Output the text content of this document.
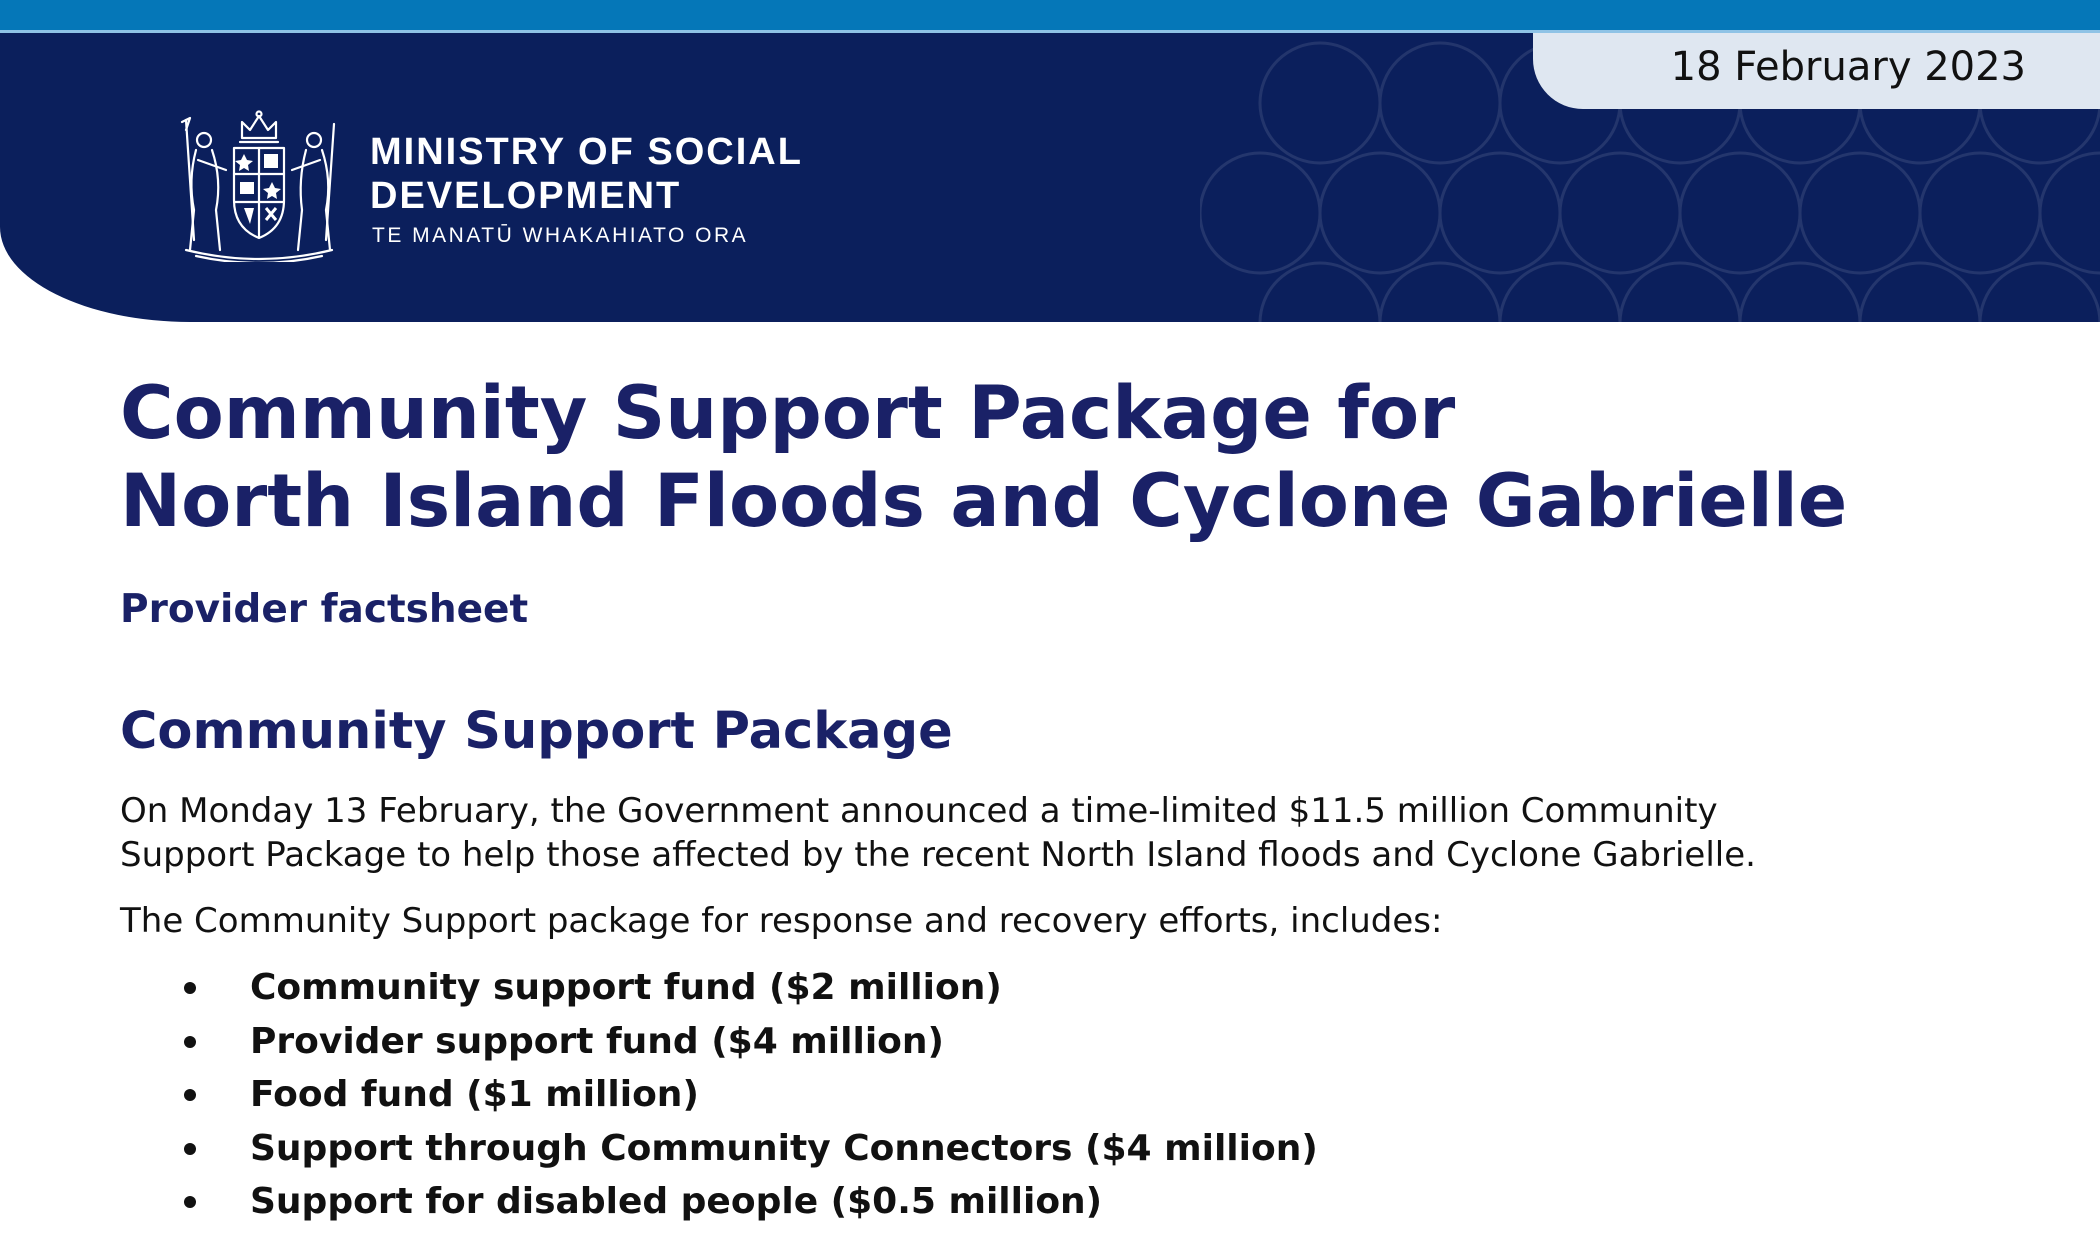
18 February 2023
MINISTRY OF SOCIAL
DEVELOPMENT
TE MANATŪ WHAKAHIATO ORA
Community Support Package for
North Island Floods and Cyclone Gabrielle
Provider factsheet
Community Support Package

On Monday 13 February, the Government announced a time-limited $11.5 million Community
Support Package to help those affected by the recent North Island floods and Cyclone Gabrielle.

The Community Support package for response and recovery efforts, includes:

Community support fund ($2 million)
Provider support fund ($4 million)
Food fund ($1 million)
Support through Community Connectors ($4 million)
Support for disabled people ($0.5 million)
